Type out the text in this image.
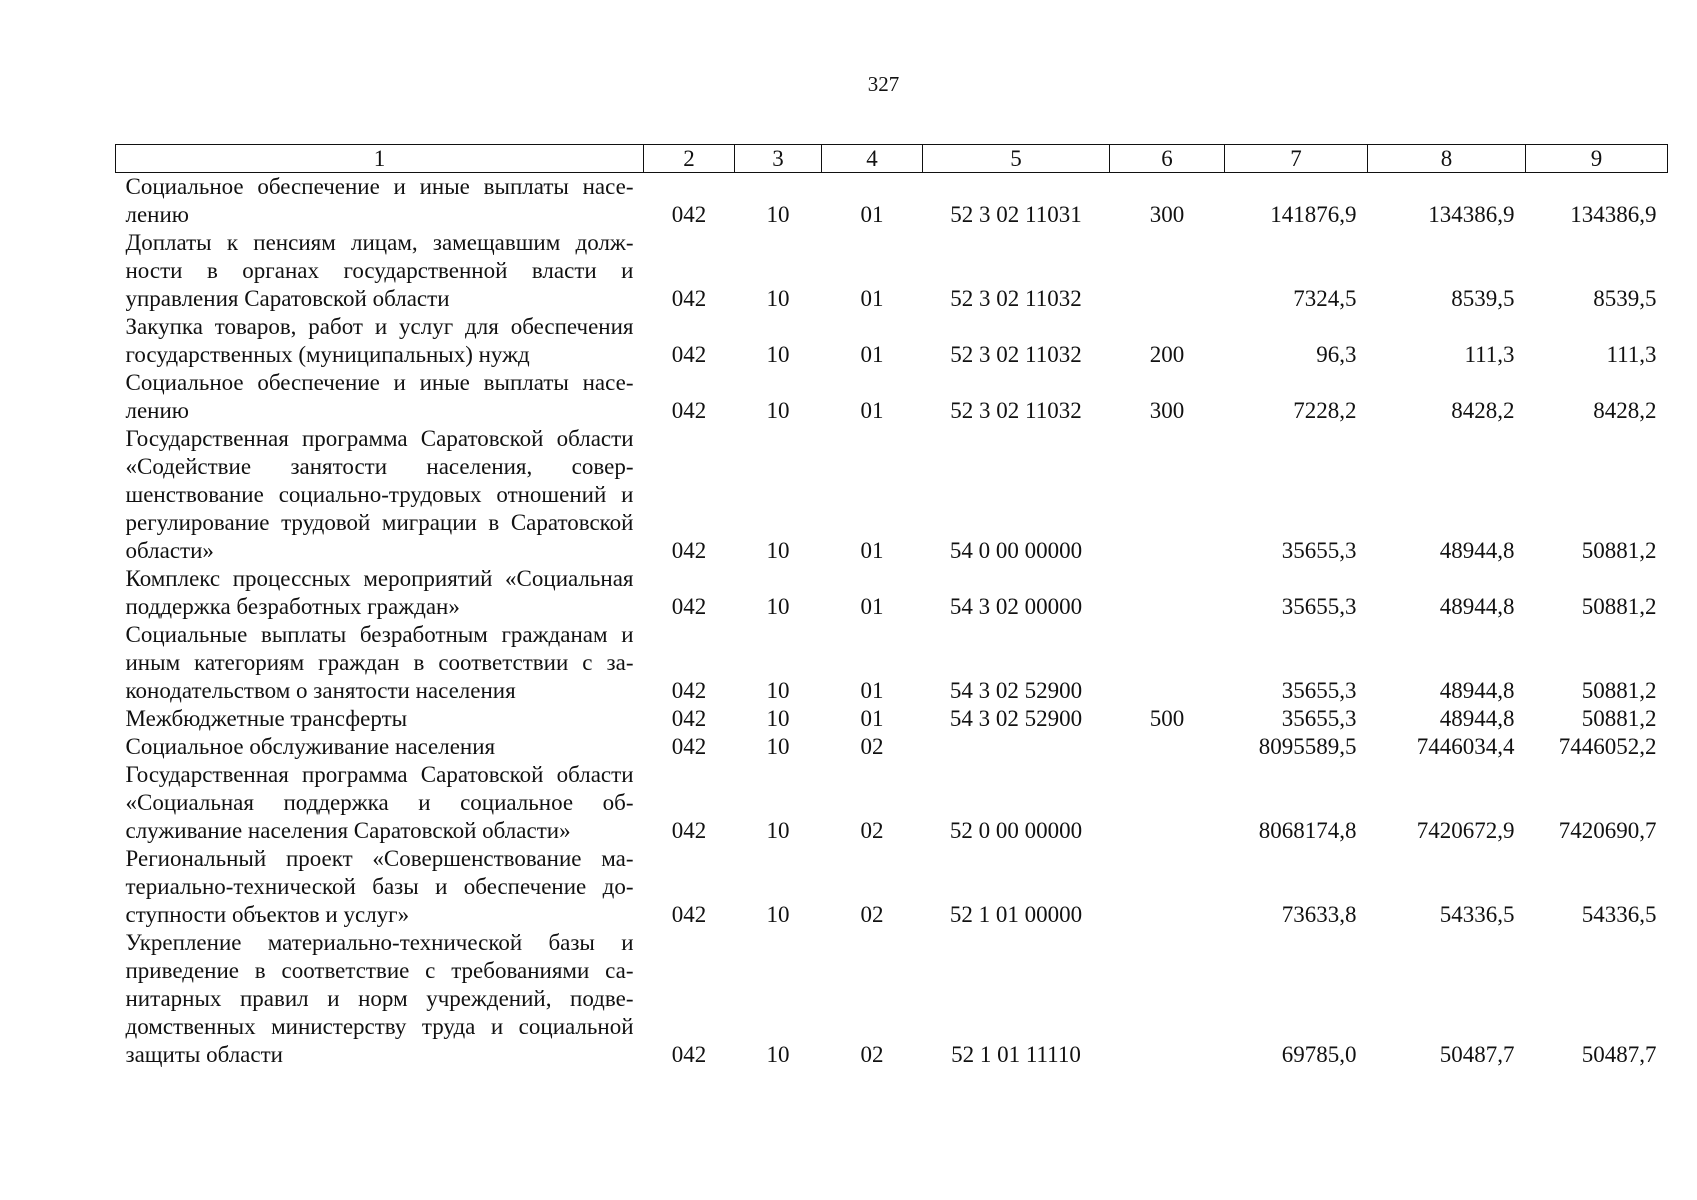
327
1	2	3	4	5	6	7	8	9
Социальное обеспечение и иные выплаты населению	042	10	01	52 3 02 11031	300	141876,9	134386,9	134386,9
Доплаты к пенсиям лицам, замещавшим должности в органах государственной власти и управления Саратовской области	042	10	01	52 3 02 11032		7324,5	8539,5	8539,5
Закупка товаров, работ и услуг для обеспечения государственных (муниципальных) нужд	042	10	01	52 3 02 11032	200	96,3	111,3	111,3
Социальное обеспечение и иные выплаты населению	042	10	01	52 3 02 11032	300	7228,2	8428,2	8428,2
Государственная программа Саратовской области «Содействие занятости населения, совершенствование социально-трудовых отношений и регулирование трудовой миграции в Саратовской области»	042	10	01	54 0 00 00000		35655,3	48944,8	50881,2
Комплекс процессных мероприятий «Социальная поддержка безработных граждан»	042	10	01	54 3 02 00000		35655,3	48944,8	50881,2
Социальные выплаты безработным гражданам и иным категориям граждан в соответствии с законодательством о занятости населения	042	10	01	54 3 02 52900		35655,3	48944,8	50881,2
Межбюджетные трансферты	042	10	01	54 3 02 52900	500	35655,3	48944,8	50881,2
Социальное обслуживание населения	042	10	02			8095589,5	7446034,4	7446052,2
Государственная программа Саратовской области «Социальная поддержка и социальное обслуживание населения Саратовской области»	042	10	02	52 0 00 00000		8068174,8	7420672,9	7420690,7
Региональный проект «Совершенствование материально-технической базы и обеспечение доступности объектов и услуг»	042	10	02	52 1 01 00000		73633,8	54336,5	54336,5
Укрепление материально-технической базы и приведение в соответствие с требованиями санитарных правил и норм учреждений, подведомственных министерству труда и социальной защиты области	042	10	02	52 1 01 11110		69785,0	50487,7	50487,7
